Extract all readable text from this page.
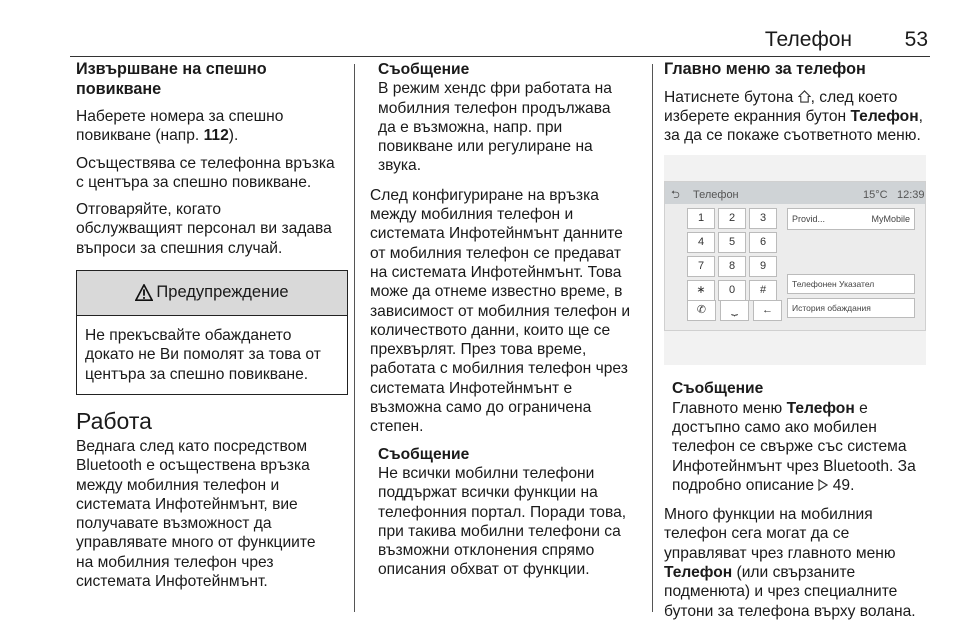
Телефон	53
Извършване на спешно
повикване

Наберете номера за спешно
повикване (напр. 112).

Осъществява се телефонна връзка
с центъра за спешно повикване.

Отговаряйте, когато
обслужващият персонал ви задава
въпроси за спешния случай.

Предупреждение
Не прекъсвайте обаждането
докато не Ви помолят за това от
центъра за спешно повикване.
Работа

Веднага след като посредством
Bluetooth е осъществена връзка
между мобилния телефон и
системата Инфотейнмънт, вие
получавате възможност да
управлявате много от функциите
на мобилния телефон чрез
системата Инфотейнмънт.

Съобщение
В режим хендс фри работата на
мобилния телефон продължава
да е възможна, напр. при
повикване или регулиране на
звука.

След конфигуриране на връзка
между мобилния телефон и
системата Инфотейнмънт данните
от мобилния телефон се предават
на системата Инфотейнмънт. Това
може да отнеме известно време, в
зависимост от мобилния телефон и
количеството данни, които ще се
прехвърлят. През това време,
работата с мобилния телефон чрез
системата Инфотейнмънт е
възможна само до ограничена
степен.

Съобщение
Не всички мобилни телефони
поддържат всички функции на
телефонния портал. Поради това,
при такива мобилни телефони са
възможни отклонения спрямо
описания обхват от функции.
Главно меню за телефон

Натиснете бутона , след което
изберете екранния бутон Телефон,
за да се покаже съответното меню.

⮌ Телефон	15°C 12:39
1	2	3
4	5	6
7	8	9
∗	0	#
✆	⏟	←
Provid...	MyMobile
Телефонен Указател
История обаждания
Съобщение
Главното меню Телефон е
достъпно само ако мобилен
телефон се свърже със система
Инфотейнмънт чрез Bluetooth. За
подробно описание  49.

Много функции на мобилния
телефон сега могат да се
управляват чрез главното меню
Телефон (или свързаните
подменюта) и чрез специалните
бутони за телефона върху волана.
